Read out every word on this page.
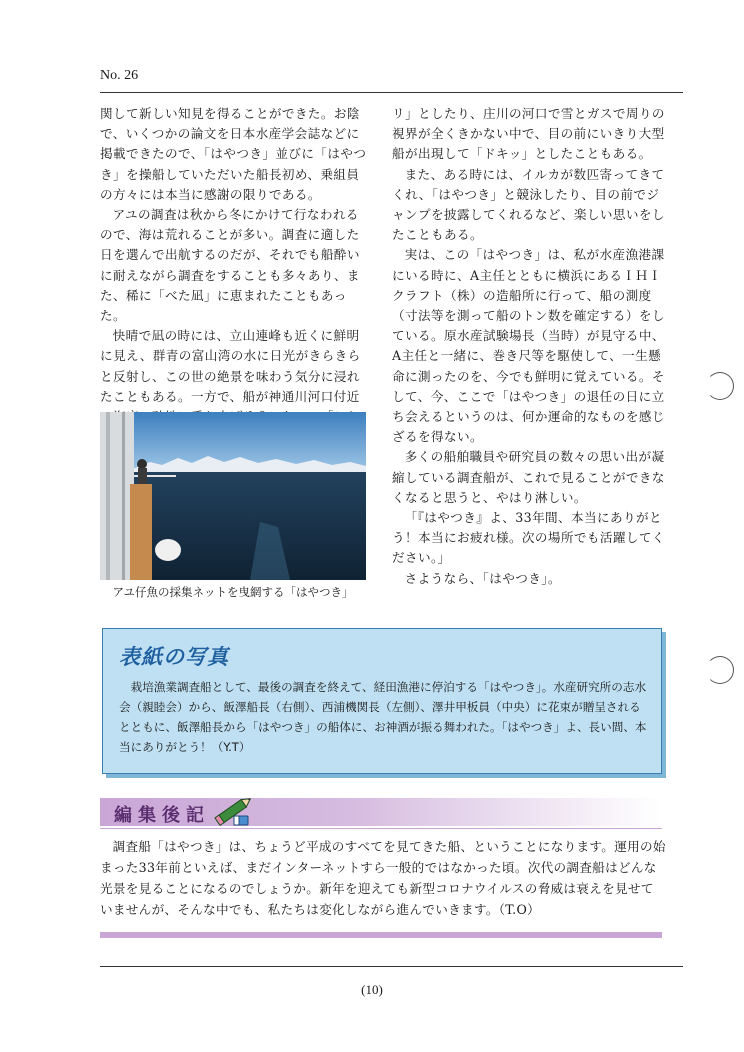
No. 26

関して新しい知見を得ることができた。お陰で、いくつかの論文を日本水産学会誌などに掲載できたので、「はやつき」並びに「はやつき」を操船していただいた船長初め、乗組員の方々には本当に感謝の限りである。

アユの調査は秋から冬にかけて行なわれるので、海は荒れることが多い。調査に適した日を選んで出航するのだが、それでも船酔いに耐えながら調査をすることも多々あり、また、稀に「べた凪」に恵まれたこともあった。

快晴で凪の時には、立山連峰も近くに鮮明に見え、群青の富山湾の水に日光がきらきらと反射し、この世の絶景を味わう気分に浸れたこともある。一方で、船が神通川河口付近

アユ仔魚の採集ネットを曳網する「はやつき」

リ」としたり、庄川の河口で雪とガスで周りの視界が全くきかない中で、目の前にいきり大型船が出現して「ドキッ」としたこともある。

また、ある時には、イルカが数匹寄ってきてくれ、「はやつき」と競泳したり、目の前でジャンプを披露してくれるなど、楽しい思いをしたこともある。

実は、この「はやつき」は、私が水産漁港課にいる時に、A主任とともに横浜にあるＩＨＩクラフト（株）の造船所に行って、船の測度（寸法等を測って船のトン数を確定する）をしている。原水産試験場長（当時）が見守る中、A主任と一緒に、巻き尺等を駆使して、一生懸命に測ったのを、今でも鮮明に覚えている。そして、今、ここで「はやつき」の退任の日に立ち会えるというのは、何か運命的なものを感じざるを得ない。

多くの船舶職員や研究員の数々の思い出が凝縮している調査船が、これで見ることができなくなると思うと、やはり淋しい。

「『はやつき』よ、33年間、本当にありがとう！本当にお疲れ様。次の場所でも活躍してください。」

さようなら、「はやつき」。

表紙の写真

栽培漁業調査船として、最後の調査を終えて、経田漁港に停泊する「はやつき」。水産研究所の志水会（親睦会）から、飯澤船長（右側）、西浦機関長（左側）、澤井甲板員（中央）に花束が贈呈されるとともに、飯澤船長から「はやつき」の船体に、お神酒が振る舞われた。「はやつき」よ、長い間、本当にありがとう！（Y.T）

編集後記

調査船「はやつき」は、ちょうど平成のすべてを見てきた船、ということになります。運用の始まった33年前といえば、まだインターネットすら一般的ではなかった頃。次代の調査船はどんな光景を見ることになるのでしょうか。新年を迎えても新型コロナウイルスの脅威は衰えを見せていませんが、そんな中でも、私たちは変化しながら進んでいきます。（T.O）

(10)
